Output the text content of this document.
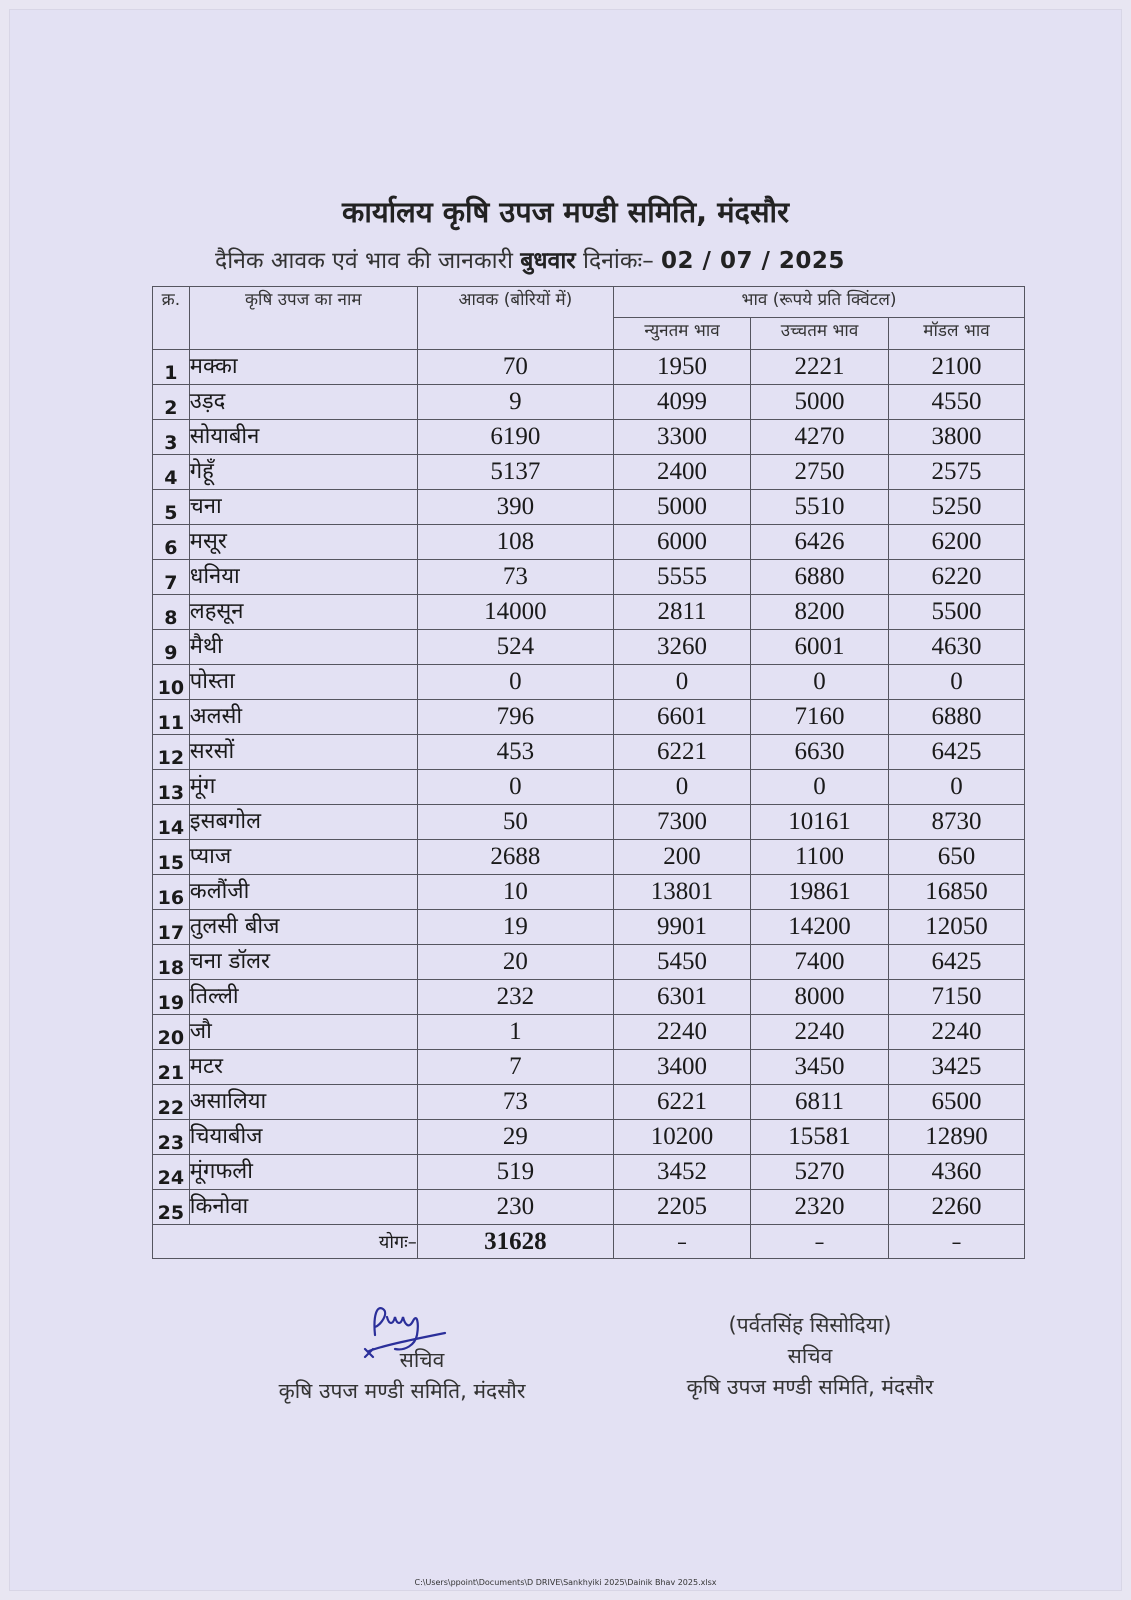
कार्यालय कृषि उपज मण्डी समिति, मंदसौर
दैनिक आवक एवं भाव की जानकारी बुधवार दिनांकः– 02 / 07 / 2025
क्र.	कृषि उपज का नाम	आवक (बोरियों में)	भाव (रूपये प्रति क्विंटल)		
			न्युनतम भाव	उच्चतम भाव	मॉडल भाव
1	मक्का	70	1950	2221	2100
2	उड़द	9	4099	5000	4550
3	सोयाबीन	6190	3300	4270	3800
4	गेहूँ	5137	2400	2750	2575
5	चना	390	5000	5510	5250
6	मसूर	108	6000	6426	6200
7	धनिया	73	5555	6880	6220
8	लहसून	14000	2811	8200	5500
9	मैथी	524	3260	6001	4630
10	पोस्ता	0	0	0	0
11	अलसी	796	6601	7160	6880
12	सरसों	453	6221	6630	6425
13	मूंग	0	0	0	0
14	इसबगोल	50	7300	10161	8730
15	प्याज	2688	200	1100	650
16	कलौंजी	10	13801	19861	16850
17	तुलसी बीज	19	9901	14200	12050
18	चना डॉलर	20	5450	7400	6425
19	तिल्ली	232	6301	8000	7150
20	जौ	1	2240	2240	2240
21	मटर	7	3400	3450	3425
22	असालिया	73	6221	6811	6500
23	चियाबीज	29	10200	15581	12890
24	मूंगफली	519	3452	5270	4360
25	किनोवा	230	2205	2320	2260
योगः–		31628	–	–	–
सचिव
कृषि उपज मण्डी समिति, मंदसौर
(पर्वतसिंह सिसोदिया)
सचिव
कृषि उपज मण्डी समिति, मंदसौर
C:\Users\ppoint\Documents\D DRIVE\Sankhyiki 2025\Dainik Bhav 2025.xlsx
